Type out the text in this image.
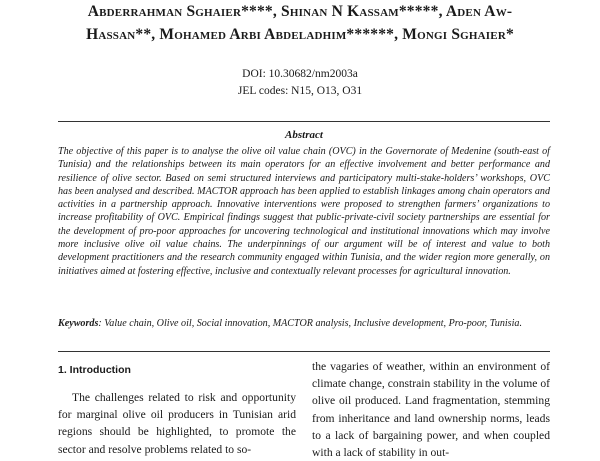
Abderrahman Sghaier****, Shinan N Kassam*****, Aden Aw-
Hassan**, Mohamed Arbi Abdeladhim******, Mongi Sghaier*
DOI: 10.30682/nm2003a
JEL codes: N15, O13, O31
Abstract

The objective of this paper is to analyse the olive oil value chain (OVC) in the Governorate of Medenine (south-east of Tunisia) and the relationships between its main operators for an effective involvement and better performance and resilience of olive sector. Based on semi structured interviews and participatory multi-stake-holders’ workshops, OVC has been analysed and described. MACTOR approach has been applied to establish linkages among chain operators and activities in a partnership approach. Innovative interventions were proposed to strengthen farmers’ organizations to increase profitability of OVC. Empirical findings suggest that public-private-civil society partnerships are essential for the development of pro-poor approaches for uncovering technological and institutional innovations which may involve more inclusive olive oil value chains. The underpinnings of our argument will be of interest and value to both development practitioners and the research community engaged within Tunisia, and the wider region more generally, on initiatives aimed at fostering effective, inclusive and contextually relevant processes for agricultural innovation.

Keywords: Value chain, Olive oil, Social innovation, MACTOR analysis, Inclusive development, Pro-poor, Tunisia.

1. Introduction

The challenges related to risk and opportunity for marginal olive oil producers in Tunisian arid regions should be highlighted, to promote the sector and resolve problems related to so-

the vagaries of weather, within an environment of climate change, constrain stability in the volume of olive oil produced. Land fragmentation, stemming from inheritance and land ownership norms, leads to a lack of bargaining power, and when coupled with a lack of stability in out-
